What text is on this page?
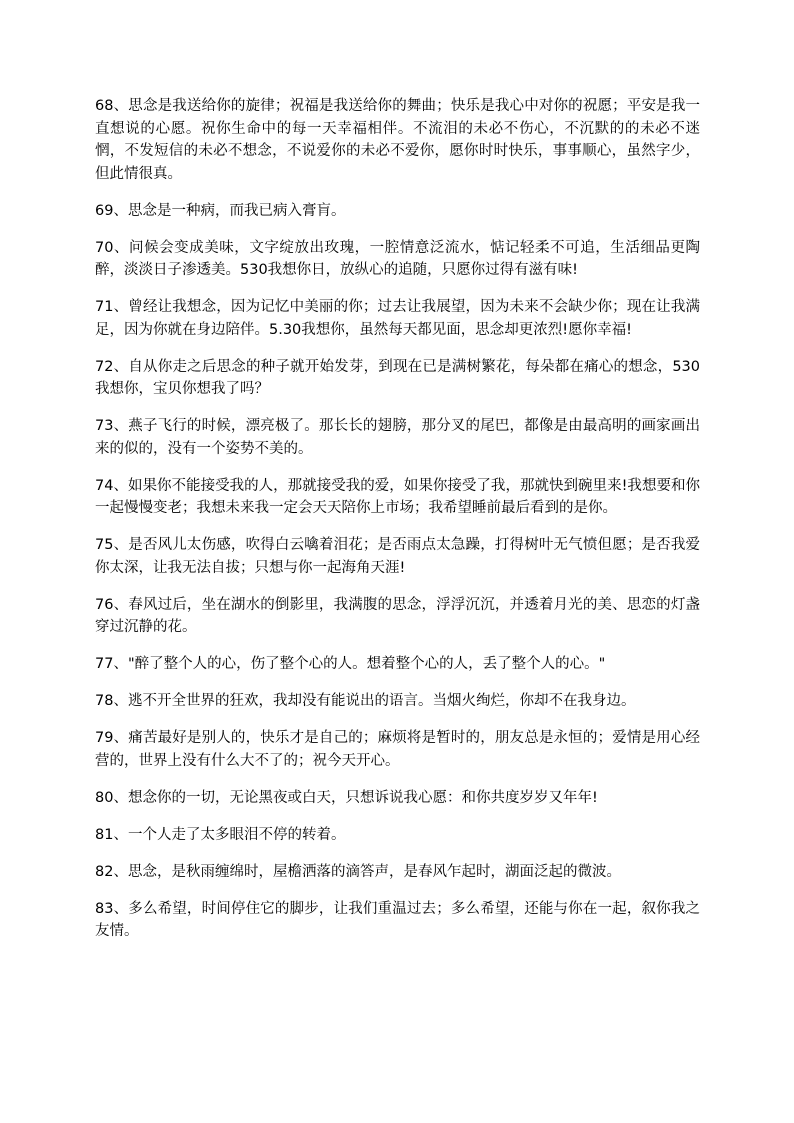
68、思念是我送给你的旋律；祝福是我送给你的舞曲；快乐是我心中对你的祝愿；平安是我一直想说的心愿。祝你生命中的每一天幸福相伴。不流泪的未必不伤心，不沉默的的未必不迷惘，不发短信的未必不想念，不说爱你的未必不爱你，愿你时时快乐，事事顺心，虽然字少，但此情很真。

69、思念是一种病，而我已病入膏肓。

70、问候会变成美味，文字绽放出玫瑰，一腔情意泛流水，惦记轻柔不可追，生活细品更陶醉，淡淡日子渗透美。530我想你日，放纵心的追随，只愿你过得有滋有味!

71、曾经让我想念，因为记忆中美丽的你；过去让我展望，因为未来不会缺少你；现在让我满足，因为你就在身边陪伴。5.30我想你，虽然每天都见面，思念却更浓烈!愿你幸福!

72、自从你走之后思念的种子就开始发芽，到现在已是满树繁花，每朵都在痛心的想念，530我想你，宝贝你想我了吗？

73、燕子飞行的时候，漂亮极了。那长长的翅膀，那分叉的尾巴，都像是由最高明的画家画出来的似的，没有一个姿势不美的。

74、如果你不能接受我的人，那就接受我的爱，如果你接受了我，那就快到碗里来!我想要和你一起慢慢变老；我想未来我一定会天天陪你上市场；我希望睡前最后看到的是你。

75、是否风儿太伤感，吹得白云噙着泪花；是否雨点太急躁，打得树叶无气愤但愿；是否我爱你太深，让我无法自拔；只想与你一起海角天涯!

76、春风过后，坐在湖水的倒影里，我满腹的思念，浮浮沉沉，并透着月光的美、思恋的灯盏穿过沉静的花。

77、"醉了整个人的心，伤了整个心的人。想着整个心的人，丢了整个人的心。"

78、逃不开全世界的狂欢，我却没有能说出的语言。当烟火绚烂，你却不在我身边。

79、痛苦最好是别人的，快乐才是自己的；麻烦将是暂时的，朋友总是永恒的；爱情是用心经营的，世界上没有什么大不了的；祝今天开心。

80、想念你的一切，无论黑夜或白天，只想诉说我心愿：和你共度岁岁又年年!

81、一个人走了太多眼泪不停的转着。

82、思念，是秋雨缠绵时，屋檐洒落的滴答声，是春风乍起时，湖面泛起的微波。

83、多么希望，时间停住它的脚步，让我们重温过去；多么希望，还能与你在一起，叙你我之友情。
